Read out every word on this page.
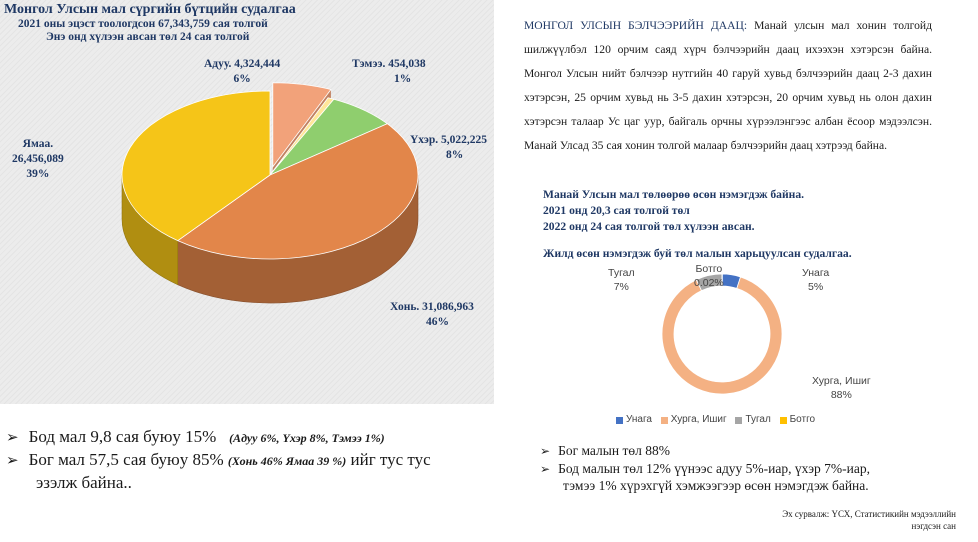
Монгол Улсын мал сүргийн бүтцийн судалгаа
2021 оны эцэст тоологдсон 67,343,759 сая толгой
Энэ онд хүлээн авсан төл 24 сая толгой
Адуу. 4,324,444
6%
Тэмээ. 454,038
1%
Үхэр. 5,022,225
8%
Ямаа.
26,456,089
39%
Хонь. 31,086,963
46%
МОНГОЛ УЛСЫН БЭЛЧЭЭРИЙН ДААЦ: Манай улсын мал хонин толгойд шилжүүлбэл 120 орчим саяд хүрч бэлчээрийн даац ихээхэн хэтэрсэн байна. Монгол Улсын нийт бэлчээр нутгийн 40 гаруй хувьд бэлчээрийн даац 2-3 дахин хэтэрсэн, 25 орчим хувьд нь 3-5 дахин хэтэрсэн, 20 орчим хувьд нь олон дахин хэтэрсэн талаар Ус цаг уур, байгаль орчны хүрээлэнгээс албан ёсоор мэдээлсэн. Манай Улсад 35 сая хонин толгой малаар бэлчээрийн даац хэтрээд байна.
Манай Улсын мал төлөөрөө өсөн нэмэгдэж байна.
2021 онд 20,3 сая толгой төл
2022 онд 24 сая толгой төл хүлээн авсан.
Жилд өсөн нэмэгдэж буй төл малын харьцуулсан судалгаа.
Ботго
0.02%
Тугал
7%
Унага
5%
Хурга, Ишиг
88%
Унага
Хурга, Ишиг
Тугал
Ботго
➢ Бод мал 9,8 сая буюу 15% (Адуу 6%, Үхэр 8%, Тэмээ 1%)
➢ Бог мал 57,5 сая буюу 85% (Хонь 46% Ямаа 39 %) ийг тус тус
эзэлж байна..
➢ Бог малын төл 88%
➢ Бод малын төл 12% үүнээс адуу 5%-иар, үхэр 7%-иар,
тэмээ 1% хүрэхгүй хэмжээгээр өсөн нэмэгдэж байна.
Эх сурвалж: ҮСХ, Статистикийн мэдээллийн
нэгдсэн сан
